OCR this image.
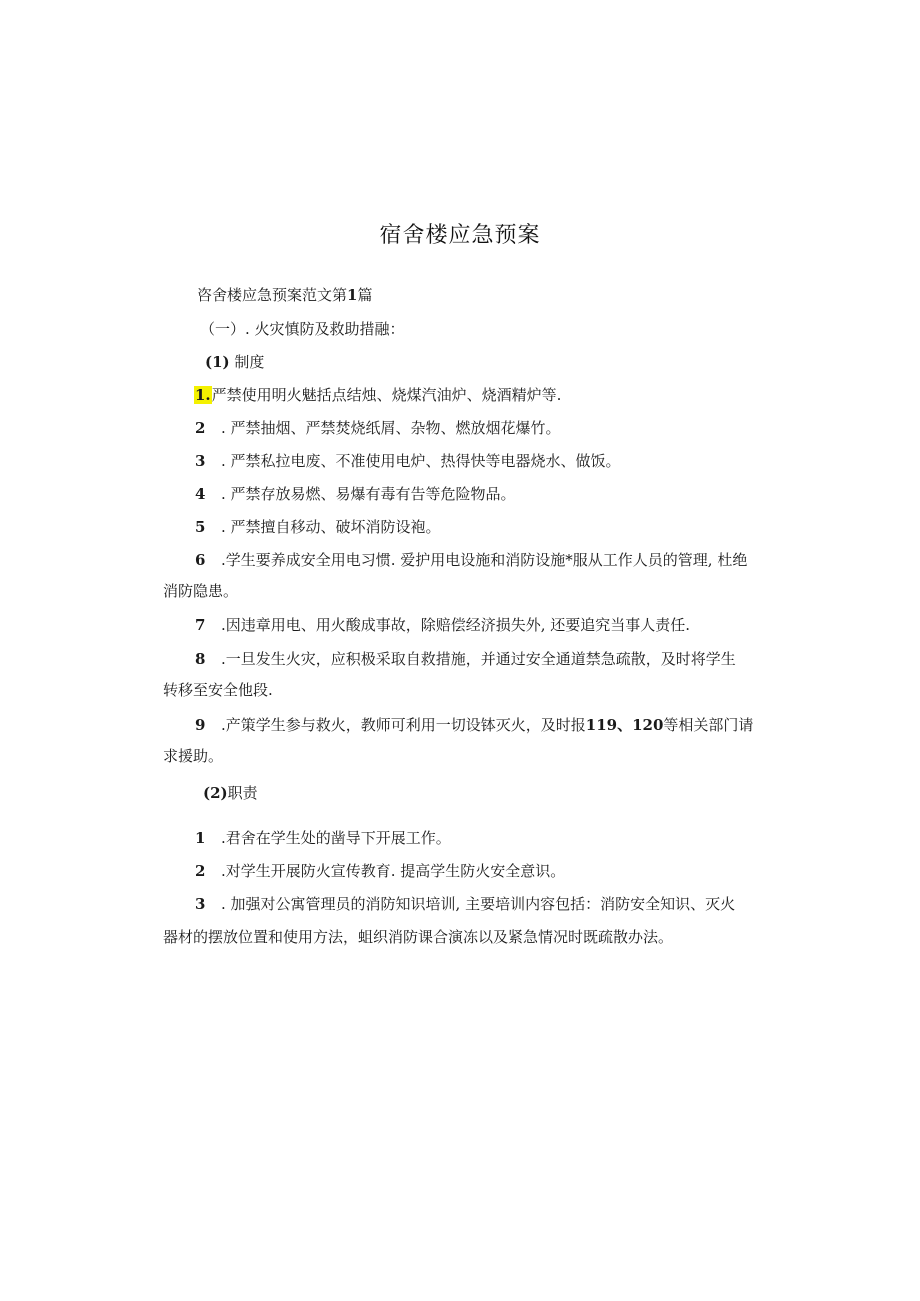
宿舍楼应急预案
咨舍楼应急预案范文第1篇
（一）. 火灾慎防及救助措融：
(1) 制度
1.严禁使用明火魅括点结烛、烧煤汽油炉、烧酒精炉等.
2 . 严禁抽烟、严禁焚烧纸屑、杂物、燃放烟花爆竹。
3 . 严禁私拉电废、不准使用电炉、热得快等电器烧水、做饭。
4 . 严禁存放易燃、易爆有毒有告等危险物品。
5 . 严禁擅自移动、破坏消防设袍。
6 .学生要养成安全用电习惯. 爱护用电设施和消防设施*服从工作人员的管理, 杜绝
消防隐患。
7 .因违章用电、用火酸成事故，除赔偿经济损失外, 还要追究当事人责任.
8 .一旦发生火灾，应积极采取自救措施，并通过安全通道禁急疏散，及时将学生
转移至安全他段.
9 .产策学生参与救火，教师可利用一切设钵灭火，及时报119、120等相关部门请
求援助。
(2)职责
1 .君舍在学生处的凿导下开展工作。
2 .对学生开展防火宣传教育. 提高学生防火安全意识。
3 . 加强对公寓管理员的消防知识培训, 主要培训内容包括：消防安全知识、灭火
器材的摆放位置和使用方法，蛆织消防课合演冻以及紧急情况时既疏散办法。
